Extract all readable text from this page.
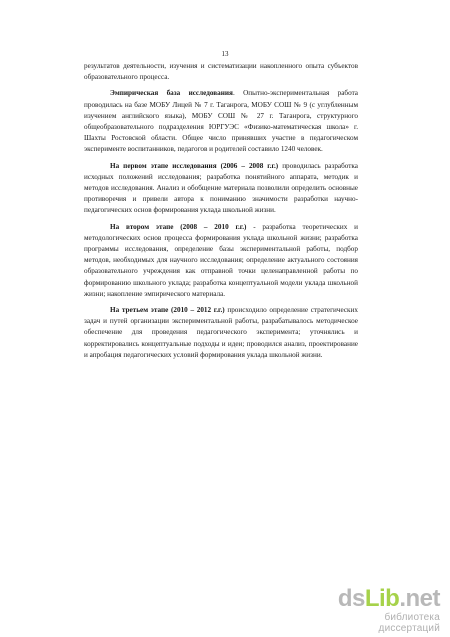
13

результатов деятельности, изучения и систематизации накопленного опыта субъектов образовательного процесса.

Эмпирическая база исследования. Опытно-экспериментальная работа проводилась на базе МОБУ Лицей № 7 г. Таганрога, МОБУ СОШ № 9 (с углубленным изучением английского языка), МОБУ СОШ № 27 г. Таганрога, структурного общеобразовательного подразделения ЮРГУЭС «Физико-математическая школа» г. Шахты Ростовской области. Общее число принявших участие в педагогическом эксперименте воспитанников, педагогов и родителей составило 1240 человек.

На первом этапе исследования (2006 – 2008 г.г.) проводилась разработка исходных положений исследования; разработка понятийного аппарата, методик и методов исследования. Анализ и обобщение материала позволили определить основные противоречия и привели автора к пониманию значимости разработки научно-педагогических основ формирования уклада школьной жизни.

На втором этапе (2008 – 2010 г.г.) - разработка теоретических и методологических основ процесса формирования уклада школьной жизни; разработка программы исследования, определение базы экспериментальной работы, подбор методов, необходимых для научного исследования; определение актуального состояния образовательного учреждения как отправной точки целенаправленной работы по формированию школьного уклада; разработка концептуальной модели уклада школьной жизни; накопление эмпирического материала.

На третьем этапе (2010 – 2012 г.г.) происходило определение стратегических задач и путей организации экспериментальной работы, разрабатывалось методическое обеспечение для проведения педагогического эксперимента; уточнялись и корректировались концептуальные подходы и идеи; проводился анализ, проектирование и апробация педагогических условий формирования уклада школьной жизни.

dsLib.net
библиотека диссертаций
